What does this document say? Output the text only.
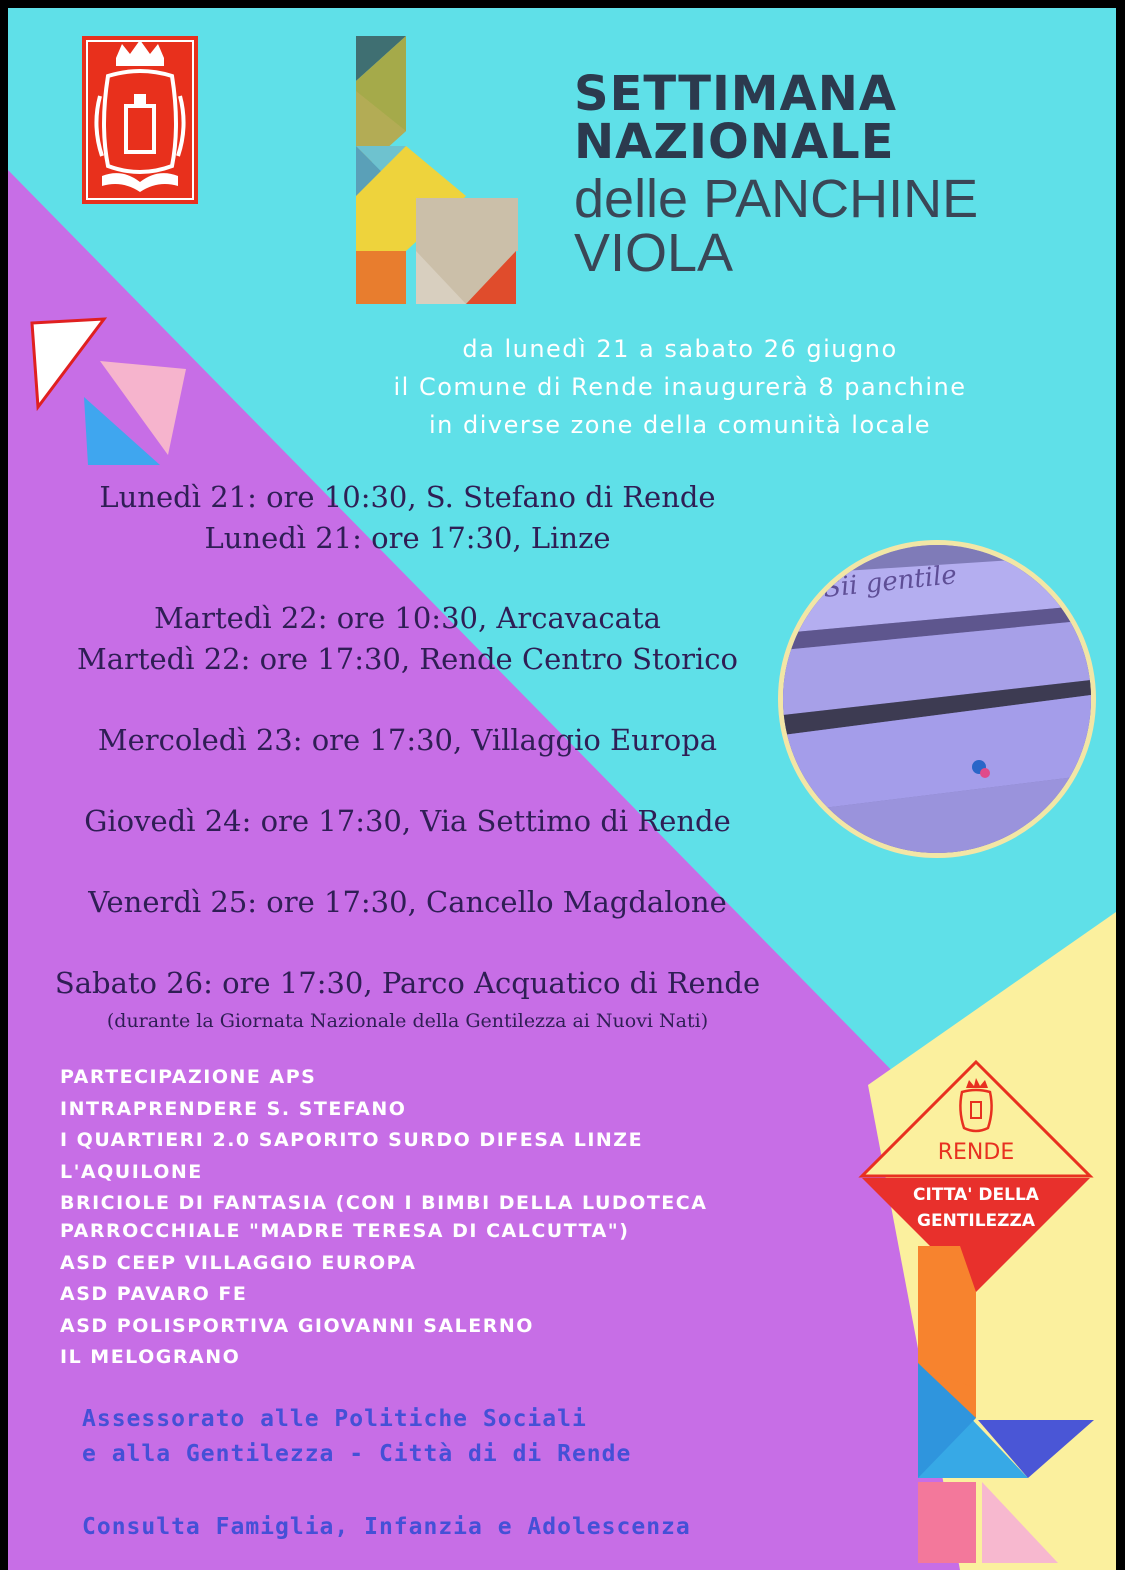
SETTIMANA
NAZIONALE
delle PANCHINE
VIOLA
da lunedì 21 a sabato 26 giugno
il Comune di Rende inaugurerà 8 panchine
in diverse zone della comunità locale
Lunedì 21: ore 10:30, S. Stefano di Rende
Lunedì 21: ore 17:30, Linze
Martedì 22: ore 10:30, Arcavacata
Martedì 22: ore 17:30, Rende Centro Storico
Mercoledì 23: ore 17:30, Villaggio Europa
Giovedì 24: ore 17:30, Via Settimo di Rende
Venerdì 25: ore 17:30, Cancello Magdalone
Sabato 26: ore 17:30, Parco Acquatico di Rende
(durante la Giornata Nazionale della Gentilezza ai Nuovi Nati)
Sii gentile
PARTECIPAZIONE APS
INTRAPRENDERE S. STEFANO
I QUARTIERI 2.0 SAPORITO SURDO DIFESA LINZE
L'AQUILONE
BRICIOLE DI FANTASIA (CON I BIMBI DELLA LUDOTECA
PARROCCHIALE "MADRE TERESA DI CALCUTTA")
ASD CEEP VILLAGGIO EUROPA
ASD PAVARO FE
ASD POLISPORTIVA GIOVANNI SALERNO
IL MELOGRANO
Assessorato alle Politiche Sociali
e alla Gentilezza - Città di di Rende
Consulta Famiglia, Infanzia e Adolescenza
RENDE
CITTA' DELLA
GENTILEZZA
